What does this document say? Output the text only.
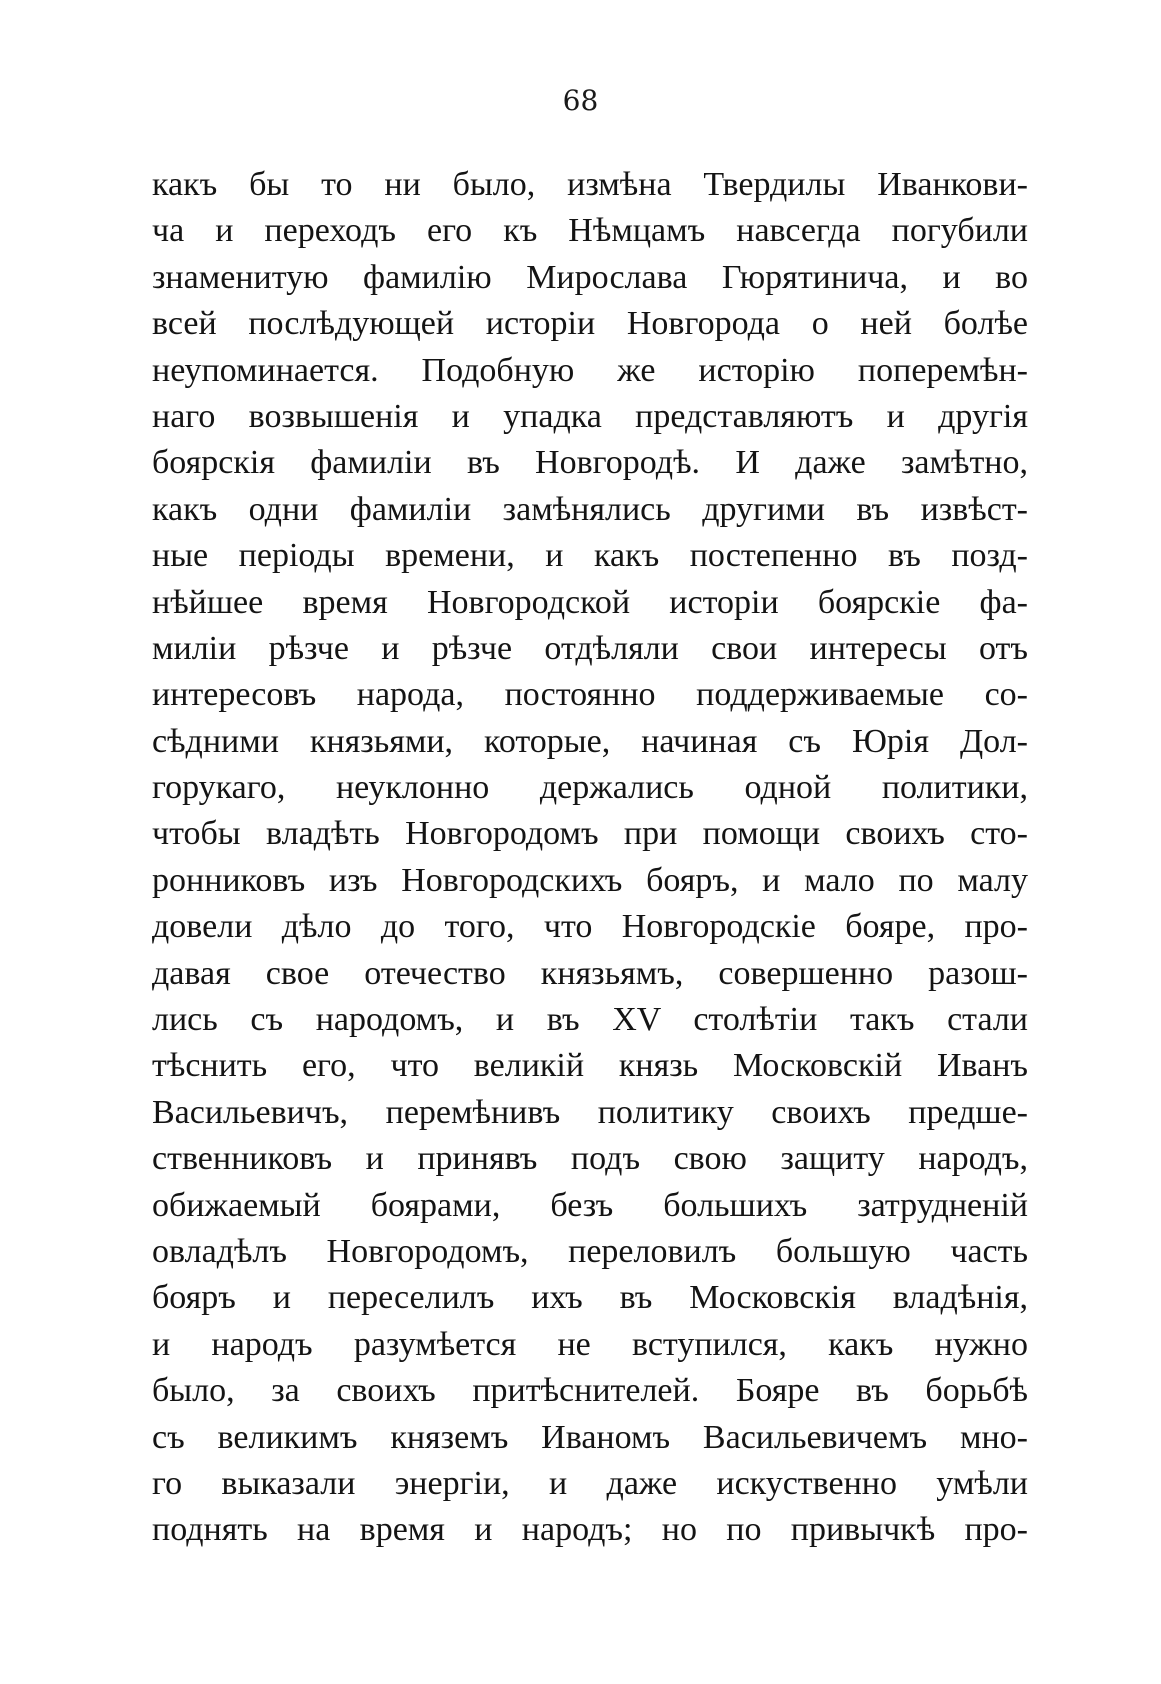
68
какъ бы то ни было, измѣна Твердилы Иванкови-
ча и переходъ его къ Нѣмцамъ навсегда погубили
знаменитую фамилію Мирослава Гюрятинича, и во
всей послѣдующей исторіи Новгорода о ней болѣе
неупоминается. Подобную же исторію поперемѣн-
наго возвышенія и упадка представляютъ и другія
боярскія фамиліи въ Новгородѣ. И даже замѣтно,
какъ одни фамиліи замѣнялись другими въ извѣст-
ные періоды времени, и какъ постепенно въ позд-
нѣйшее время Новгородской исторіи боярскіе фа-
миліи рѣзче и рѣзче отдѣляли свои интересы отъ
интересовъ народа, постоянно поддерживаемые со-
сѣдними князьями, которые, начиная съ Юрія Дол-
горукаго, неуклонно держались одной политики,
чтобы владѣть Новгородомъ при помощи своихъ сто-
ронниковъ изъ Новгородскихъ бояръ, и мало по малу
довели дѣло до того, что Новгородскіе бояре, про-
давая свое отечество князьямъ, совершенно разош-
лись съ народомъ, и въ XV столѣтіи такъ стали
тѣснить его, что великій князь Московскій Иванъ
Васильевичъ, перемѣнивъ политику своихъ предше-
ственниковъ и принявъ подъ свою защиту народъ,
обижаемый боярами, безъ большихъ затрудненій
овладѣлъ Новгородомъ, переловилъ большую часть
бояръ и переселилъ ихъ въ Московскія владѣнія,
и народъ разумѣется не вступился, какъ нужно
было, за своихъ притѣснителей. Бояре въ борьбѣ
съ великимъ княземъ Иваномъ Васильевичемъ мно-
го выказали энергіи, и даже искуственно умѣли
поднять на время и народъ; но по привычкѣ про-
